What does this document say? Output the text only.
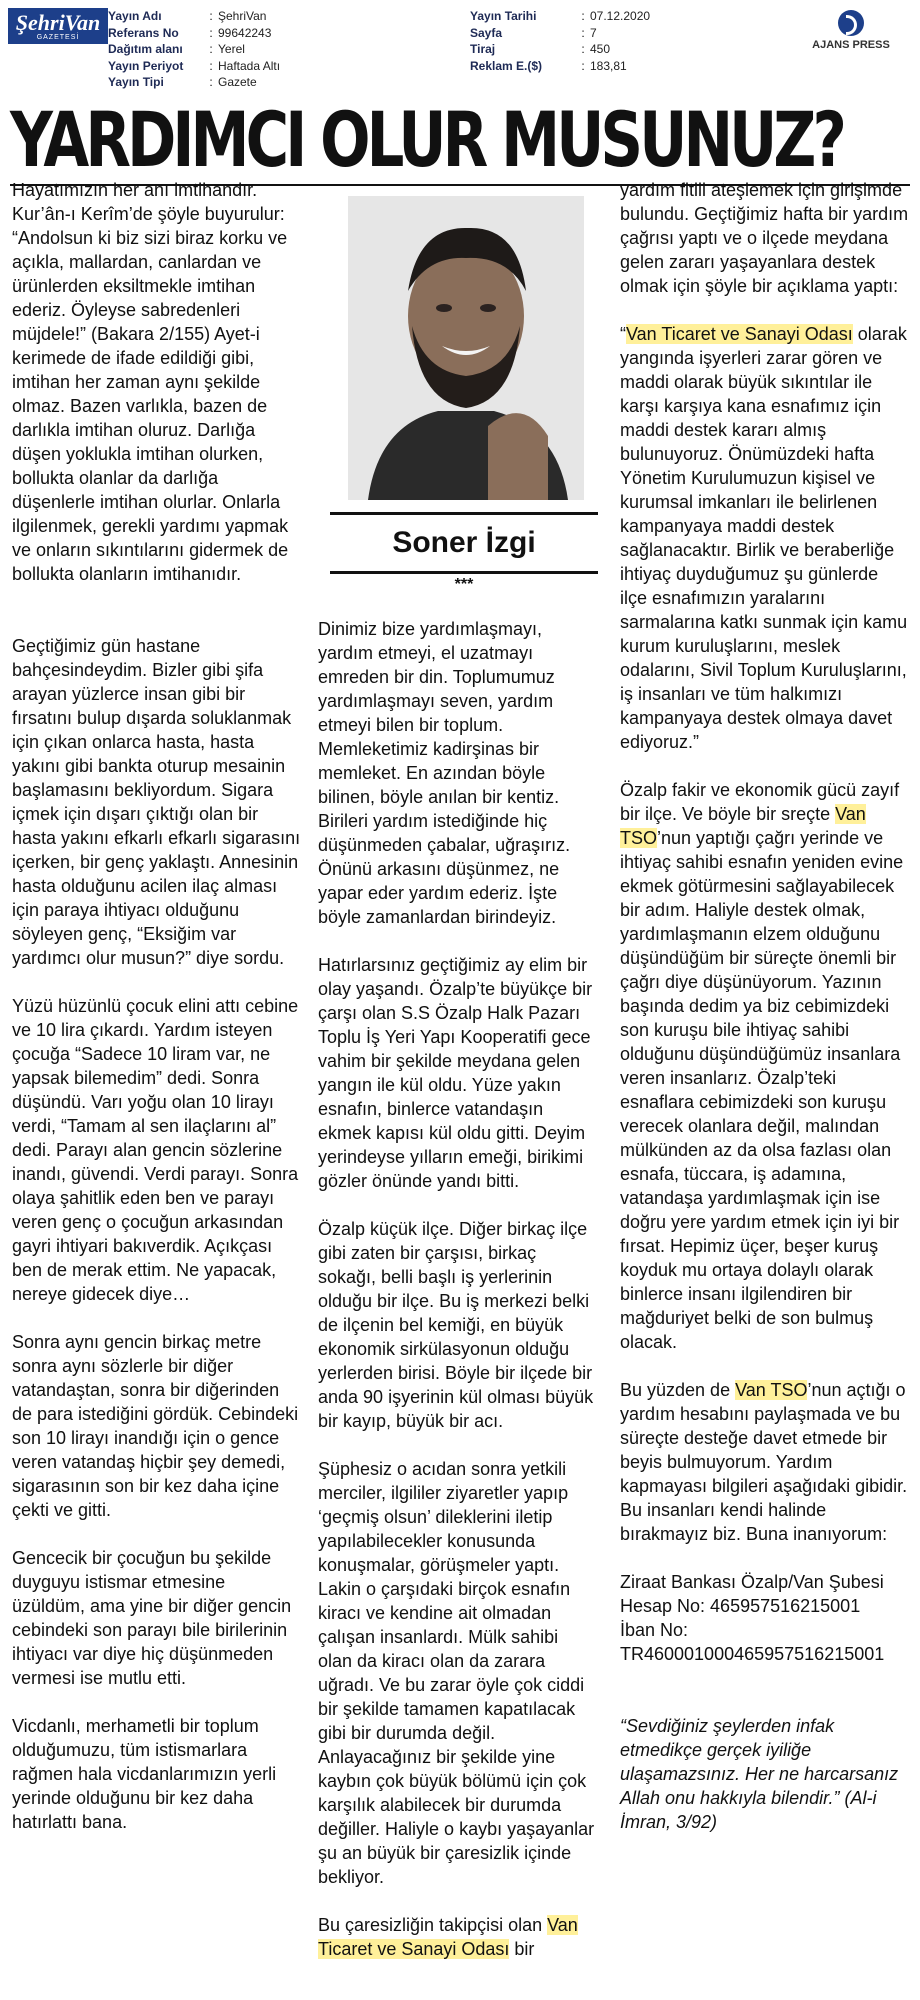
ŞehriVan
GAZETESİ
Yayın Adı	: ŞehriVan
Referans No	: 99642243
Dağıtım alanı	: Yerel
Yayın Periyot	: Haftada Altı
Yayın Tipi	: Gazete
Yayın Tarihi	: 07.12.2020
Sayfa	: 7
Tiraj	: 450
Reklam E.($)	: 183,81
AJANS PRESS
YARDIMCI OLUR MUSUNUZ?

Hayatımızın her anı imtihandır. Kur’ân-ı Kerîm’de şöyle buyurulur: “Andolsun ki biz sizi biraz korku ve açıkla, mallardan, canlardan ve ürünlerden eksiltmekle imtihan ederiz. Öyleyse sabredenleri müjdele!” (Bakara 2/155) Ayet-i kerimede de ifade edildiği gibi, imtihan her zaman aynı şekilde olmaz. Bazen varlıkla, bazen de darlıkla imtihan oluruz. Darlığa düşen yoklukla imtihan olurken, bollukta olanlar da darlığa düşenlerle imtihan olurlar. Onlarla ilgilenmek, gerekli yardımı yapmak ve onların sıkıntılarını gidermek de bollukta olanların imtihanıdır.

Geçtiğimiz gün hastane bahçesindeydim. Bizler gibi şifa arayan yüzlerce insan gibi bir fırsatını bulup dışarda soluklanmak için çıkan onlarca hasta, hasta yakını gibi bankta oturup mesainin başlamasını bekliyordum. Sigara içmek için dışarı çıktığı olan bir hasta yakını efkarlı efkarlı sigarasını içerken, bir genç yaklaştı. Annesinin hasta olduğunu acilen ilaç alması için paraya ihtiyacı olduğunu söyleyen genç, “Eksiğim var yardımcı olur musun?” diye sordu.

Yüzü hüzünlü çocuk elini attı cebine ve 10 lira çıkardı. Yardım isteyen çocuğa “Sadece 10 liram var, ne yapsak bilemedim” dedi. Sonra düşündü. Varı yoğu olan 10 lirayı verdi, “Tamam al sen ilaçlarını al” dedi. Parayı alan gencin sözlerine inandı, güvendi. Verdi parayı. Sonra olaya şahitlik eden ben ve parayı veren genç o çocuğun arkasından gayri ihtiyari bakıverdik. Açıkçası ben de merak ettim. Ne yapacak, nereye gidecek diye…

Sonra aynı gencin birkaç metre sonra aynı sözlerle bir diğer vatandaştan, sonra bir diğerinden de para istediğini gördük. Cebindeki son 10 lirayı inandığı için o gence veren vatandaş hiçbir şey demedi, sigarasının son bir kez daha içine çekti ve gitti.

Gencecik bir çocuğun bu şekilde duyguyu istismar etmesine üzüldüm, ama yine bir diğer gencin cebindeki son parayı bile birilerinin ihtiyacı var diye hiç düşünmeden vermesi ise mutlu etti.

Vicdanlı, merhametli bir toplum olduğumuzu, tüm istismarlara rağmen hala vicdanlarımızın yerli yerinde olduğunu bir kez daha hatırlattı bana.

Soner İzgi
***

Dinimiz bize yardımlaşmayı, yardım etmeyi, el uzatmayı emreden bir din. Toplumumuz yardımlaşmayı seven, yardım etmeyi bilen bir toplum. Memleketimiz kadirşinas bir memleket. En azından böyle bilinen, böyle anılan bir kentiz. Birileri yardım istediğinde hiç düşünmeden çabalar, uğraşırız. Önünü arkasını düşünmez, ne yapar eder yardım ederiz. İşte böyle zamanlardan birindeyiz.

Hatırlarsınız geçtiğimiz ay elim bir olay yaşandı. Özalp’te büyükçe bir çarşı olan S.S Özalp Halk Pazarı Toplu İş Yeri Yapı Kooperatifi gece vahim bir şekilde meydana gelen yangın ile kül oldu. Yüze yakın esnafın, binlerce vatandaşın ekmek kapısı kül oldu gitti. Deyim yerindeyse yılların emeği, birikimi gözler önünde yandı bitti.

Özalp küçük ilçe. Diğer birkaç ilçe gibi zaten bir çarşısı, birkaç sokağı, belli başlı iş yerlerinin olduğu bir ilçe. Bu iş merkezi belki de ilçenin bel kemiği, en büyük ekonomik sirkülasyonun olduğu yerlerden birisi. Böyle bir ilçede bir anda 90 işyerinin kül olması büyük bir kayıp, büyük bir acı.

Şüphesiz o acıdan sonra yetkili merciler, ilgililer ziyaretler yapıp ‘geçmiş olsun’ dileklerini iletip yapılabilecekler konusunda konuşmalar, görüşmeler yaptı. Lakin o çarşıdaki birçok esnafın kiracı ve kendine ait olmadan çalışan insanlardı. Mülk sahibi olan da kiracı olan da zarara uğradı. Ve bu zarar öyle çok ciddi bir şekilde tamamen kapatılacak gibi bir durumda değil. Anlayacağınız bir şekilde yine kaybın çok büyük bölümü için çok karşılık alabilecek bir durumda değiller. Haliyle o kaybı yaşayanlar şu an büyük bir çaresizlik içinde bekliyor.

Bu çaresizliğin takipçisi olan Van Ticaret ve Sanayi Odası bir

yardım fitili ateşlemek için girişimde bulundu. Geçtiğimiz hafta bir yardım çağrısı yaptı ve o ilçede meydana gelen zararı yaşayanlara destek olmak için şöyle bir açıklama yaptı:

“Van Ticaret ve Sanayi Odası olarak yangında işyerleri zarar gören ve maddi olarak büyük sıkıntılar ile karşı karşıya kana esnafımız için maddi destek kararı almış bulunuyoruz. Önümüzdeki hafta Yönetim Kurulumuzun kişisel ve kurumsal imkanları ile belirlenen kampanyaya maddi destek sağlanacaktır. Birlik ve beraberliğe ihtiyaç duyduğumuz şu günlerde ilçe esnafımızın yaralarını sarmalarına katkı sunmak için kamu kurum kuruluşlarını, meslek odalarını, Sivil Toplum Kuruluşlarını, iş insanları ve tüm halkımızı kampanyaya destek olmaya davet ediyoruz.”

Özalp fakir ve ekonomik gücü zayıf bir ilçe. Ve böyle bir sreçte Van TSO’nun yaptığı çağrı yerinde ve ihtiyaç sahibi esnafın yeniden evine ekmek götürmesini sağlayabilecek bir adım. Haliyle destek olmak, yardımlaşmanın elzem olduğunu düşündüğüm bir süreçte önemli bir çağrı diye düşünüyorum. Yazının başında dedim ya biz cebimizdeki son kuruşu bile ihtiyaç sahibi olduğunu düşündüğümüz insanlara veren insanlarız. Özalp’teki esnaflara cebimizdeki son kuruşu verecek olanlara değil, malından mülkünden az da olsa fazlası olan esnafa, tüccara, iş adamına, vatandaşa yardımlaşmak için ise doğru yere yardım etmek için iyi bir fırsat. Hepimiz üçer, beşer kuruş koyduk mu ortaya dolaylı olarak binlerce insanı ilgilendiren bir mağduriyet belki de son bulmuş olacak.

Bu yüzden de Van TSO’nun açtığı o yardım hesabını paylaşmada ve bu süreçte desteğe davet etmede bir beyis bulmuyorum. Yardım kapmayası bilgileri aşağıdaki gibidir. Bu insanları kendi halinde bırakmayız biz. Buna inanıyorum:

Ziraat Bankası Özalp/Van Şubesi
Hesap No: 465957516215001
İban No:
TR4600010004659575162150​01

“Sevdiğiniz şeylerden infak etmedikçe gerçek iyiliğe ulaşamazsınız. Her ne harcarsanız Allah onu hakkıyla bilendir.” (Al-i İmran, 3/92)
